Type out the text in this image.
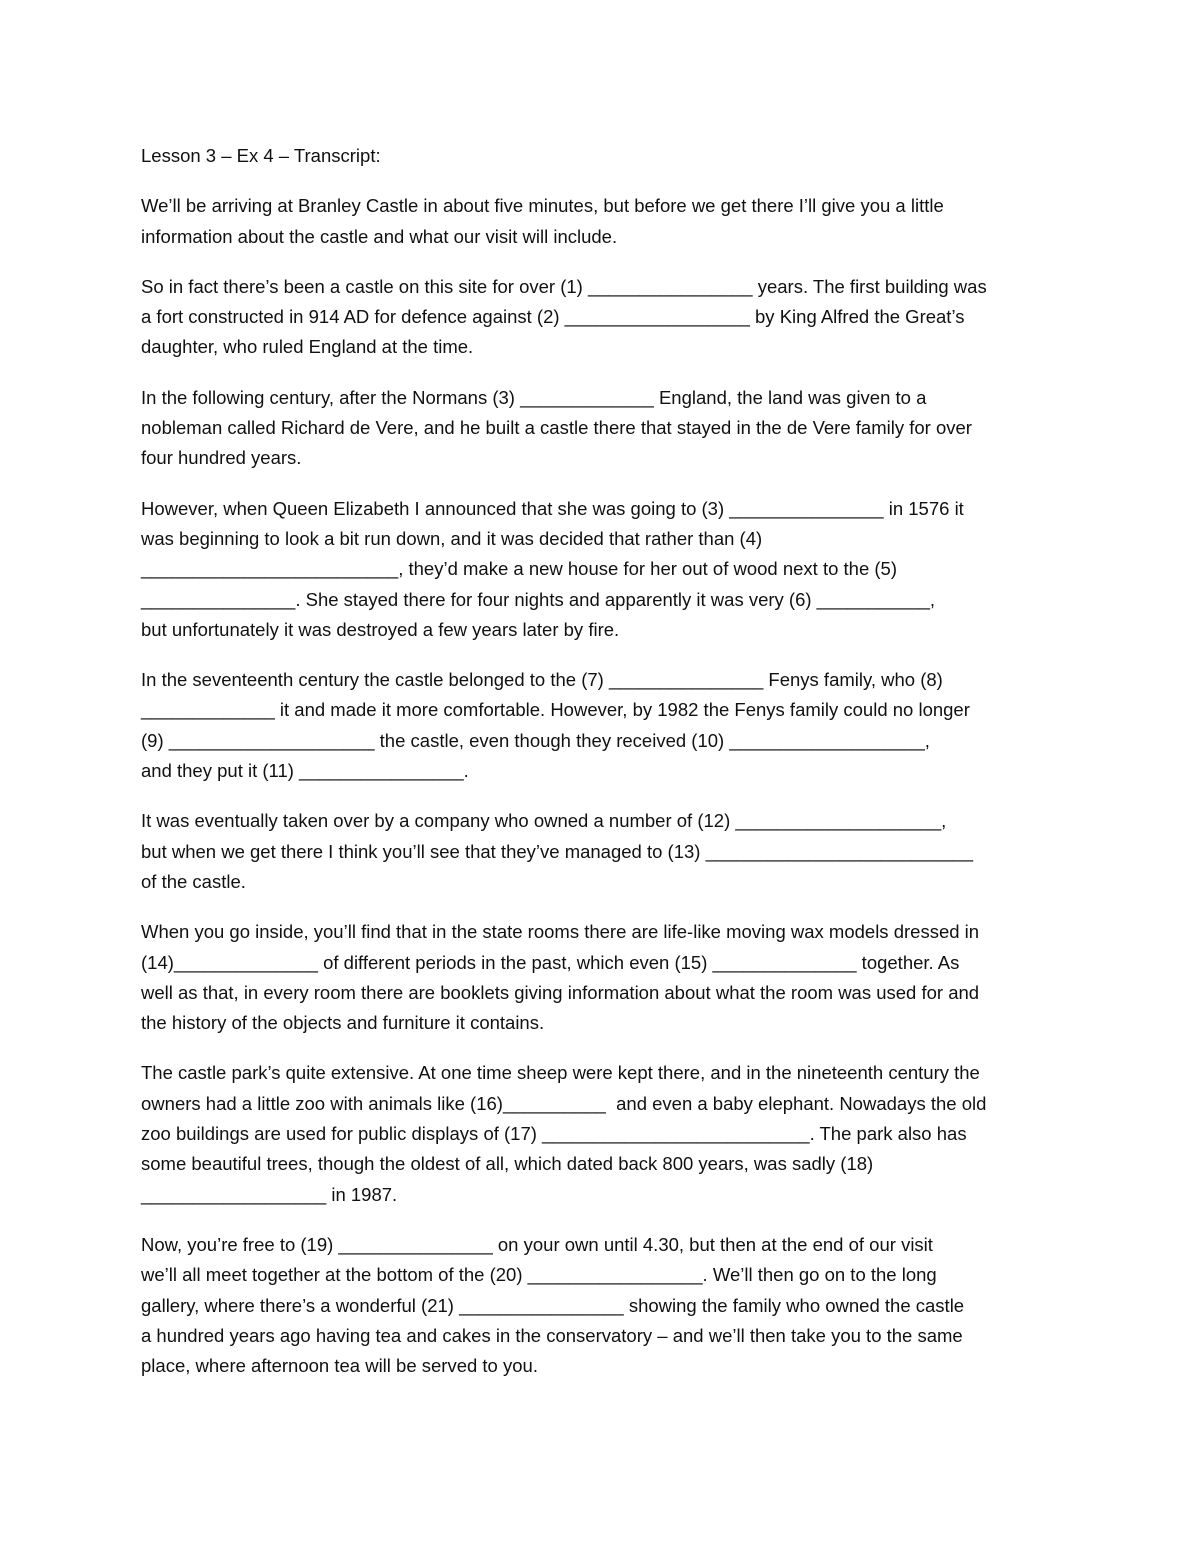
Lesson 3 – Ex 4 – Transcript:
We’ll be arriving at Branley Castle in about five minutes, but before we get there I’ll give you a little
information about the castle and what our visit will include.
So in fact there’s been a castle on this site for over (1) ________________ years. The first building was
a fort constructed in 914 AD for defence against (2) __________________ by King Alfred the Great’s
daughter, who ruled England at the time.
In the following century, after the Normans (3) _____________ England, the land was given to a
nobleman called Richard de Vere, and he built a castle there that stayed in the de Vere family for over
four hundred years.
However, when Queen Elizabeth I announced that she was going to (3) _______________ in 1576 it
was beginning to look a bit run down, and it was decided that rather than (4)
_________________________, they’d make a new house for her out of wood next to the (5)
_______________. She stayed there for four nights and apparently it was very (6) ___________,
but unfortunately it was destroyed a few years later by fire.
In the seventeenth century the castle belonged to the (7) _______________ Fenys family, who (8)
_____________ it and made it more comfortable. However, by 1982 the Fenys family could no longer
(9) ____________________ the castle, even though they received (10) ___________________,
and they put it (11) ________________.
It was eventually taken over by a company who owned a number of (12) ____________________,
but when we get there I think you’ll see that they’ve managed to (13) __________________________
of the castle.
When you go inside, you’ll find that in the state rooms there are life-like moving wax models dressed in
(14)______________ of different periods in the past, which even (15) ______________ together. As
well as that, in every room there are booklets giving information about what the room was used for and
the history of the objects and furniture it contains.
The castle park’s quite extensive. At one time sheep were kept there, and in the nineteenth century the
owners had a little zoo with animals like (16)__________  and even a baby elephant. Nowadays the old
zoo buildings are used for public displays of (17) __________________________. The park also has
some beautiful trees, though the oldest of all, which dated back 800 years, was sadly (18)
__________________ in 1987.
Now, you’re free to (19) _______________ on your own until 4.30, but then at the end of our visit
we’ll all meet together at the bottom of the (20) _________________. We’ll then go on to the long
gallery, where there’s a wonderful (21) ________________ showing the family who owned the castle
a hundred years ago having tea and cakes in the conservatory – and we’ll then take you to the same
place, where afternoon tea will be served to you.
